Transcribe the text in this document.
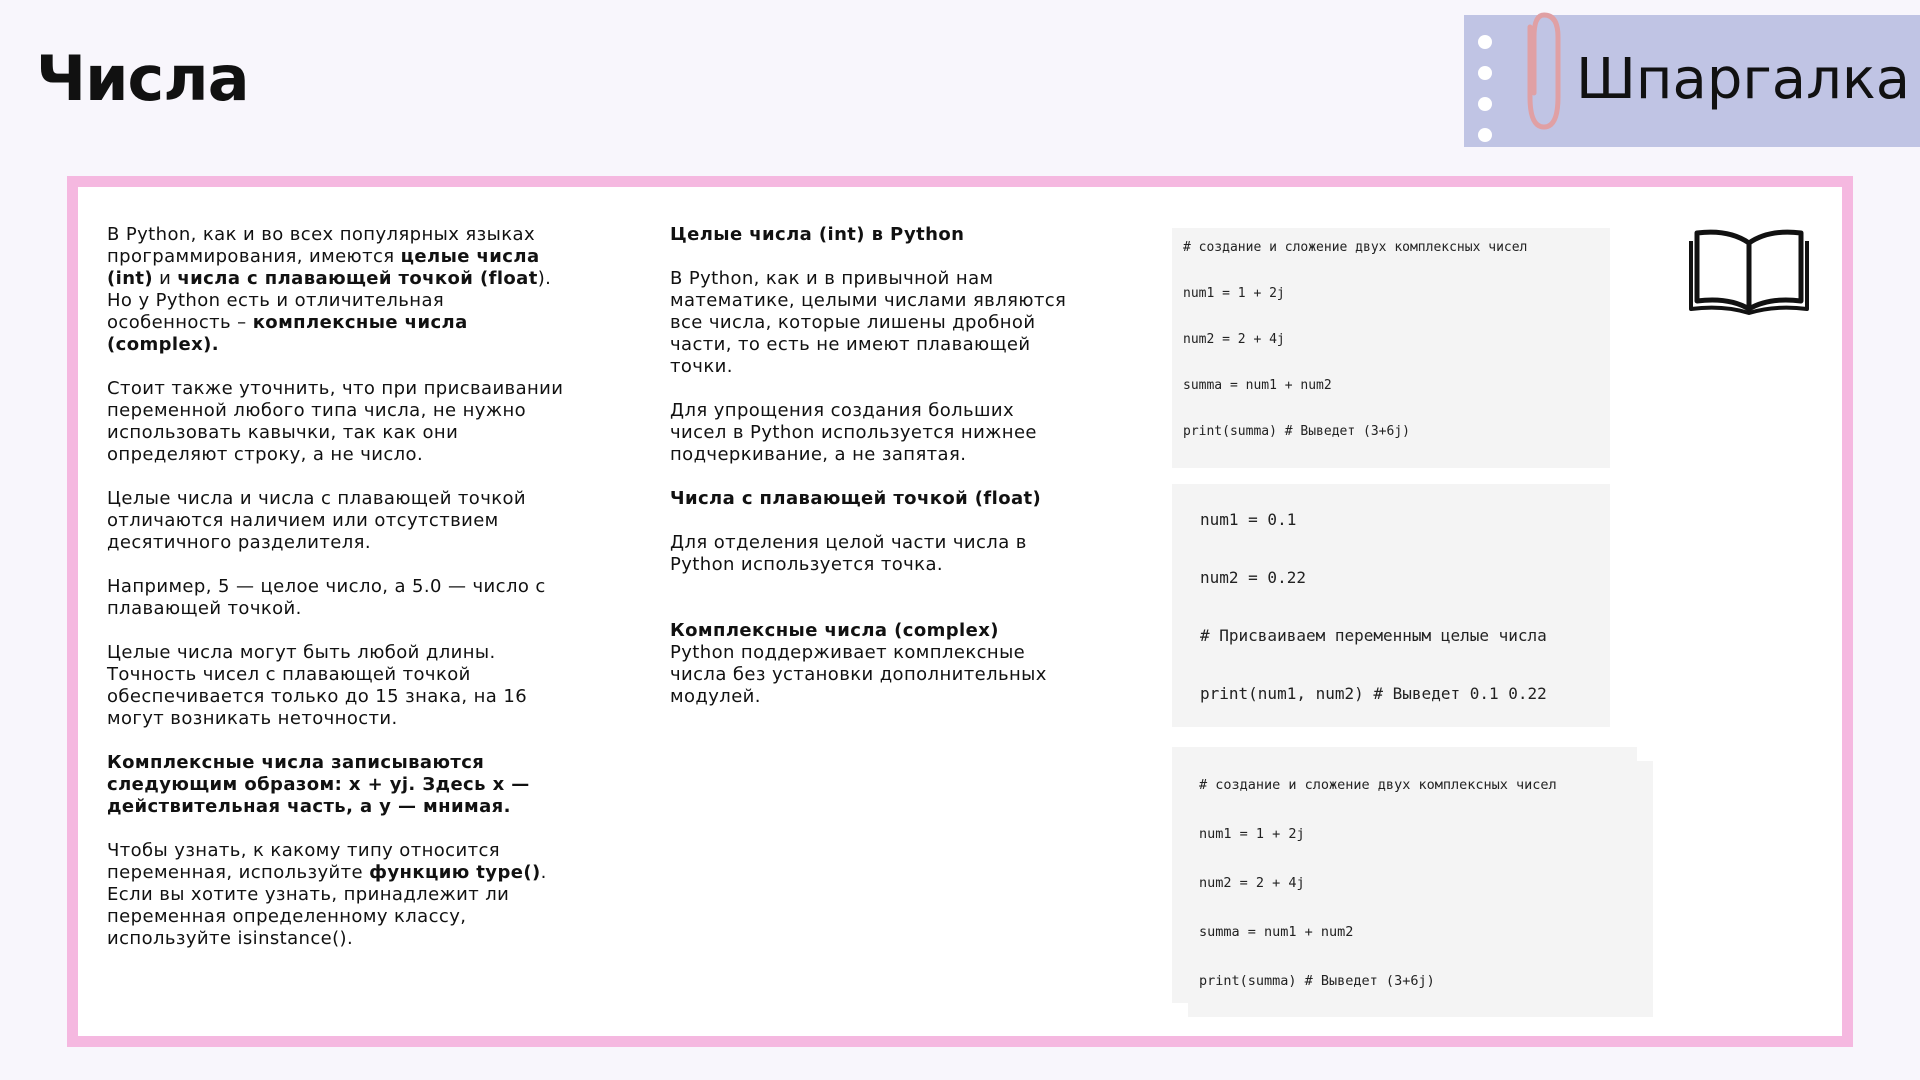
Числа	Шпаргалка

В Python, как и во всех популярных языках программирования, имеются целые числа (int) и числа с плавающей точкой (float). Но у Python есть и отличительная особенность – комплексные числа (complex).

Стоит также уточнить, что при присваивании переменной любого типа числа, не нужно использовать кавычки, так как они определяют строку, а не число.

Целые числа и числа с плавающей точкой отличаются наличием или отсутствием десятичного разделителя.

Например, 5 — целое число, а 5.0 — число с плавающей точкой.

Целые числа могут быть любой длины. Точность чисел с плавающей точкой обеспечивается только до 15 знака, на 16 могут возникать неточности.

Комплексные числа записываются следующим образом: x + yj. Здесь x — действительная часть, а y — мнимая.

Чтобы узнать, к какому типу относится переменная, используйте функцию type(). Если вы хотите узнать, принадлежит ли переменная определенному классу, используйте isinstance().

Целые числа (int) в Python

В Python, как и в привычной нам математике, целыми числами являются все числа, которые лишены дробной части, то есть не имеют плавающей точки.

Для упрощения создания больших чисел в Python используется нижнее подчеркивание, а не запятая.

Числа с плавающей точкой (float)

Для отделения целой части числа в Python используется точка.

Комплексные числа (complex)
Python поддерживает комплексные числа без установки дополнительных модулей.
# создание и сложение двух комплексных чисел
num1 = 1 + 2j
num2 = 2 + 4j
summa = num1 + num2
print(summa) # Выведет (3+6j)
num1 = 0.1
num2 = 0.22
# Присваиваем переменным целые числа
print(num1, num2) # Выведет 0.1 0.22
# создание и сложение двух комплексных чисел
num1 = 1 + 2j
num2 = 2 + 4j
summa = num1 + num2
print(summa) # Выведет (3+6j)
